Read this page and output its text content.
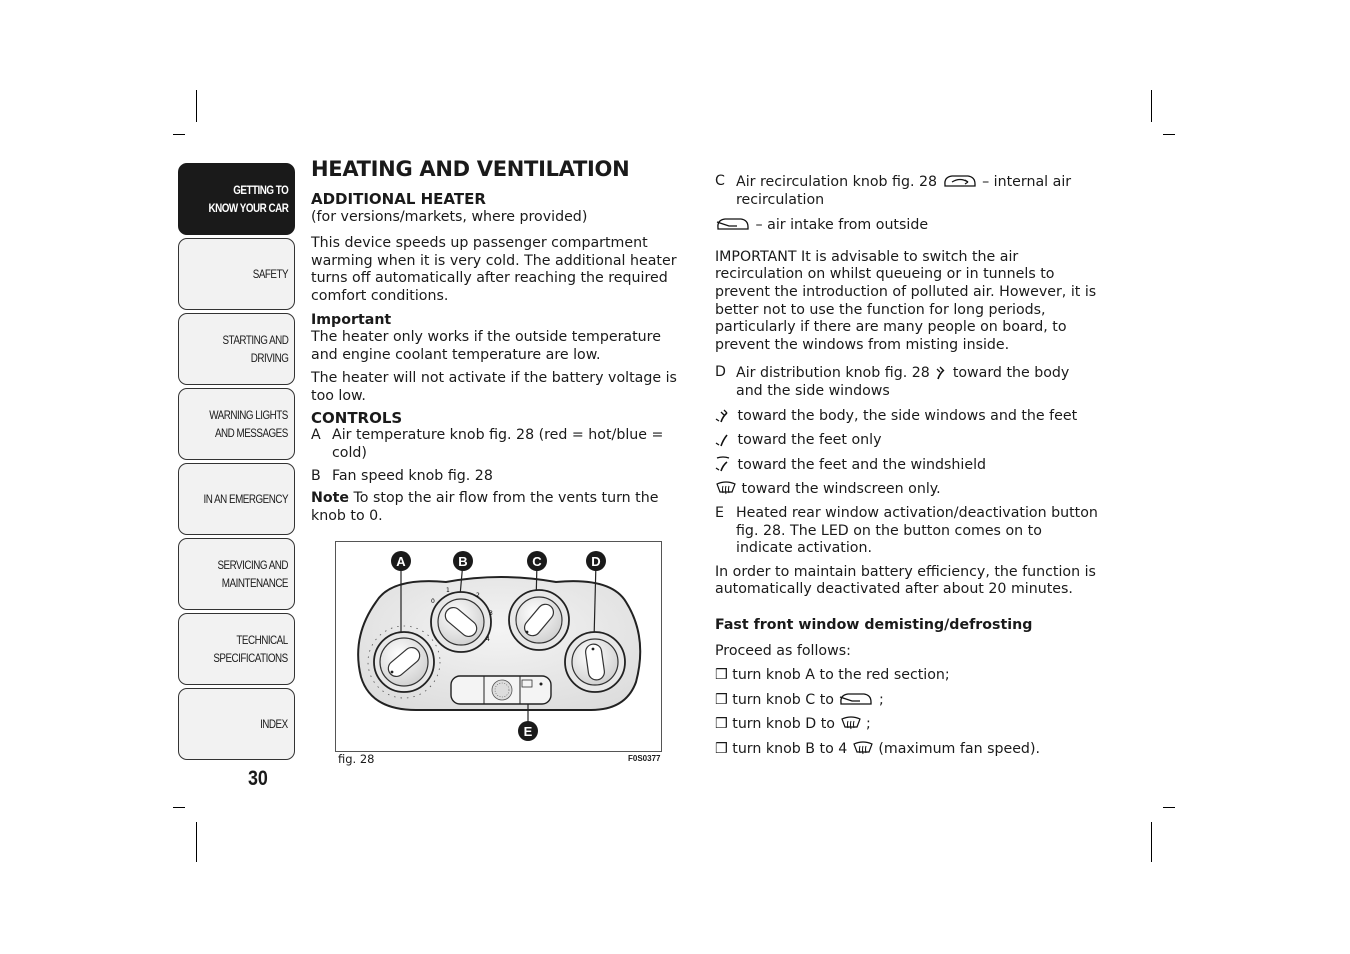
GETTING TO
KNOW YOUR CAR
SAFETY
STARTING AND
DRIVING
WARNING LIGHTS
AND MESSAGES
IN AN EMERGENCY
SERVICING AND
MAINTENANCE
TECHNICAL
SPECIFICATIONS
INDEX
30
HEATING AND VENTILATION
ADDITIONAL HEATER

(for versions/markets, where provided)

This device speeds up passenger compartment warming when it is very cold. The additional heater turns off automatically after reaching the required comfort conditions.

Important

The heater only works if the outside temperature and engine coolant temperature are low.

The heater will not activate if the battery voltage is too low.

CONTROLS
A Air temperature knob fig. 28 (red = hot/blue = cold)
B Fan speed knob fig. 28

Note To stop the air flow from the vents turn the knob to 0.

0
1
2
3
4
A	B	C	D
E
fig. 28	F0S0377
C Air recirculation knob fig. 28	– internal air recirculation

– air intake from outside

IMPORTANT It is advisable to switch the air recirculation on whilst queueing or in tunnels to prevent the introduction of polluted air. However, it is better not to use the function for long periods, particularly if there are many people on board, to prevent the windows from misting inside.

D Air distribution knob fig. 28 toward the body and the side windows

toward the body, the side windows and the feet

toward the feet only

toward the feet and the windshield

toward the windscreen only.

E Heated rear window activation/deactivation button fig. 28. The LED on the button comes on to indicate activation.

In order to maintain battery efficiency, the function is automatically deactivated after about 20 minutes.

Fast front window demisting/defrosting

Proceed as follows:

❒ turn knob A to the red section;

❒ turn knob C to	;

❒ turn knob D to ;

❒ turn knob B to 4 (maximum fan speed).
